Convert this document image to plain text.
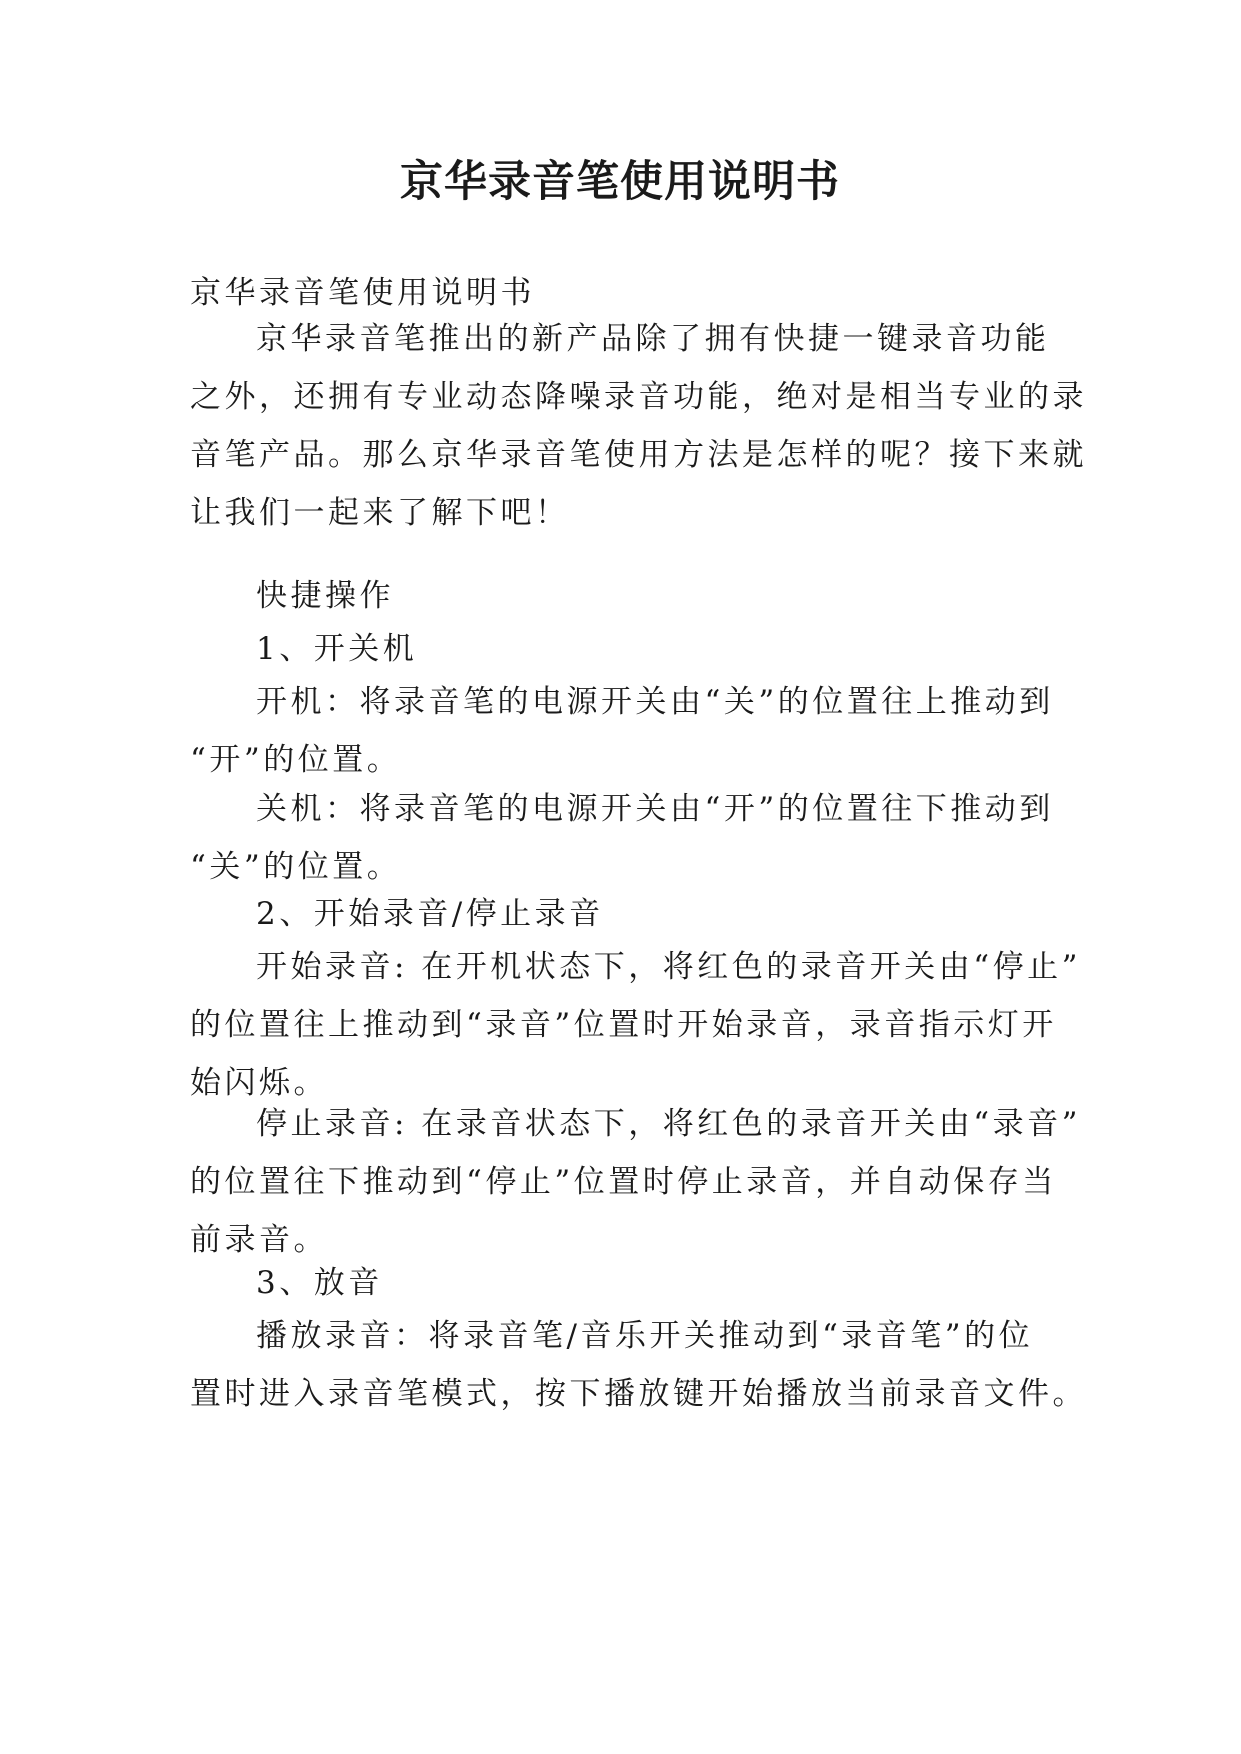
京华录音笔使用说明书

京华录音笔使用说明书

京华录音笔推出的新产品除了拥有快捷一键录音功能
之外，还拥有专业动态降噪录音功能，绝对是相当专业的录
音笔产品。那么京华录音笔使用方法是怎样的呢？接下来就
让我们一起来了解下吧！

快捷操作

1、开关机

开机：将录音笔的电源开关由“关”的位置往上推动到
“开”的位置。

关机：将录音笔的电源开关由“开”的位置往下推动到
“关”的位置。

2、开始录音/停止录音

开始录音: 在开机状态下，将红色的录音开关由“停止”
的位置往上推动到“录音”位置时开始录音，录音指示灯开
始闪烁。

停止录音: 在录音状态下，将红色的录音开关由“录音”
的位置往下推动到“停止”位置时停止录音，并自动保存当
前录音。

3、放音

播放录音：将录音笔/音乐开关推动到“录音笔”的位
置时进入录音笔模式，按下播放键开始播放当前录音文件。
